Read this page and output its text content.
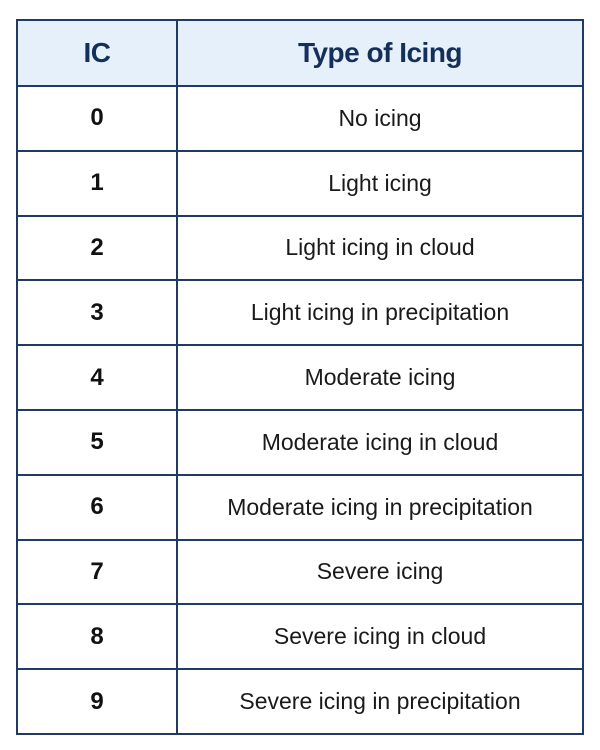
IC	Type of Icing
0	No icing
1	Light icing
2	Light icing in cloud
3	Light icing in precipitation
4	Moderate icing
5	Moderate icing in cloud
6	Moderate icing in precipitation
7	Severe icing
8	Severe icing in cloud
9	Severe icing in precipitation
